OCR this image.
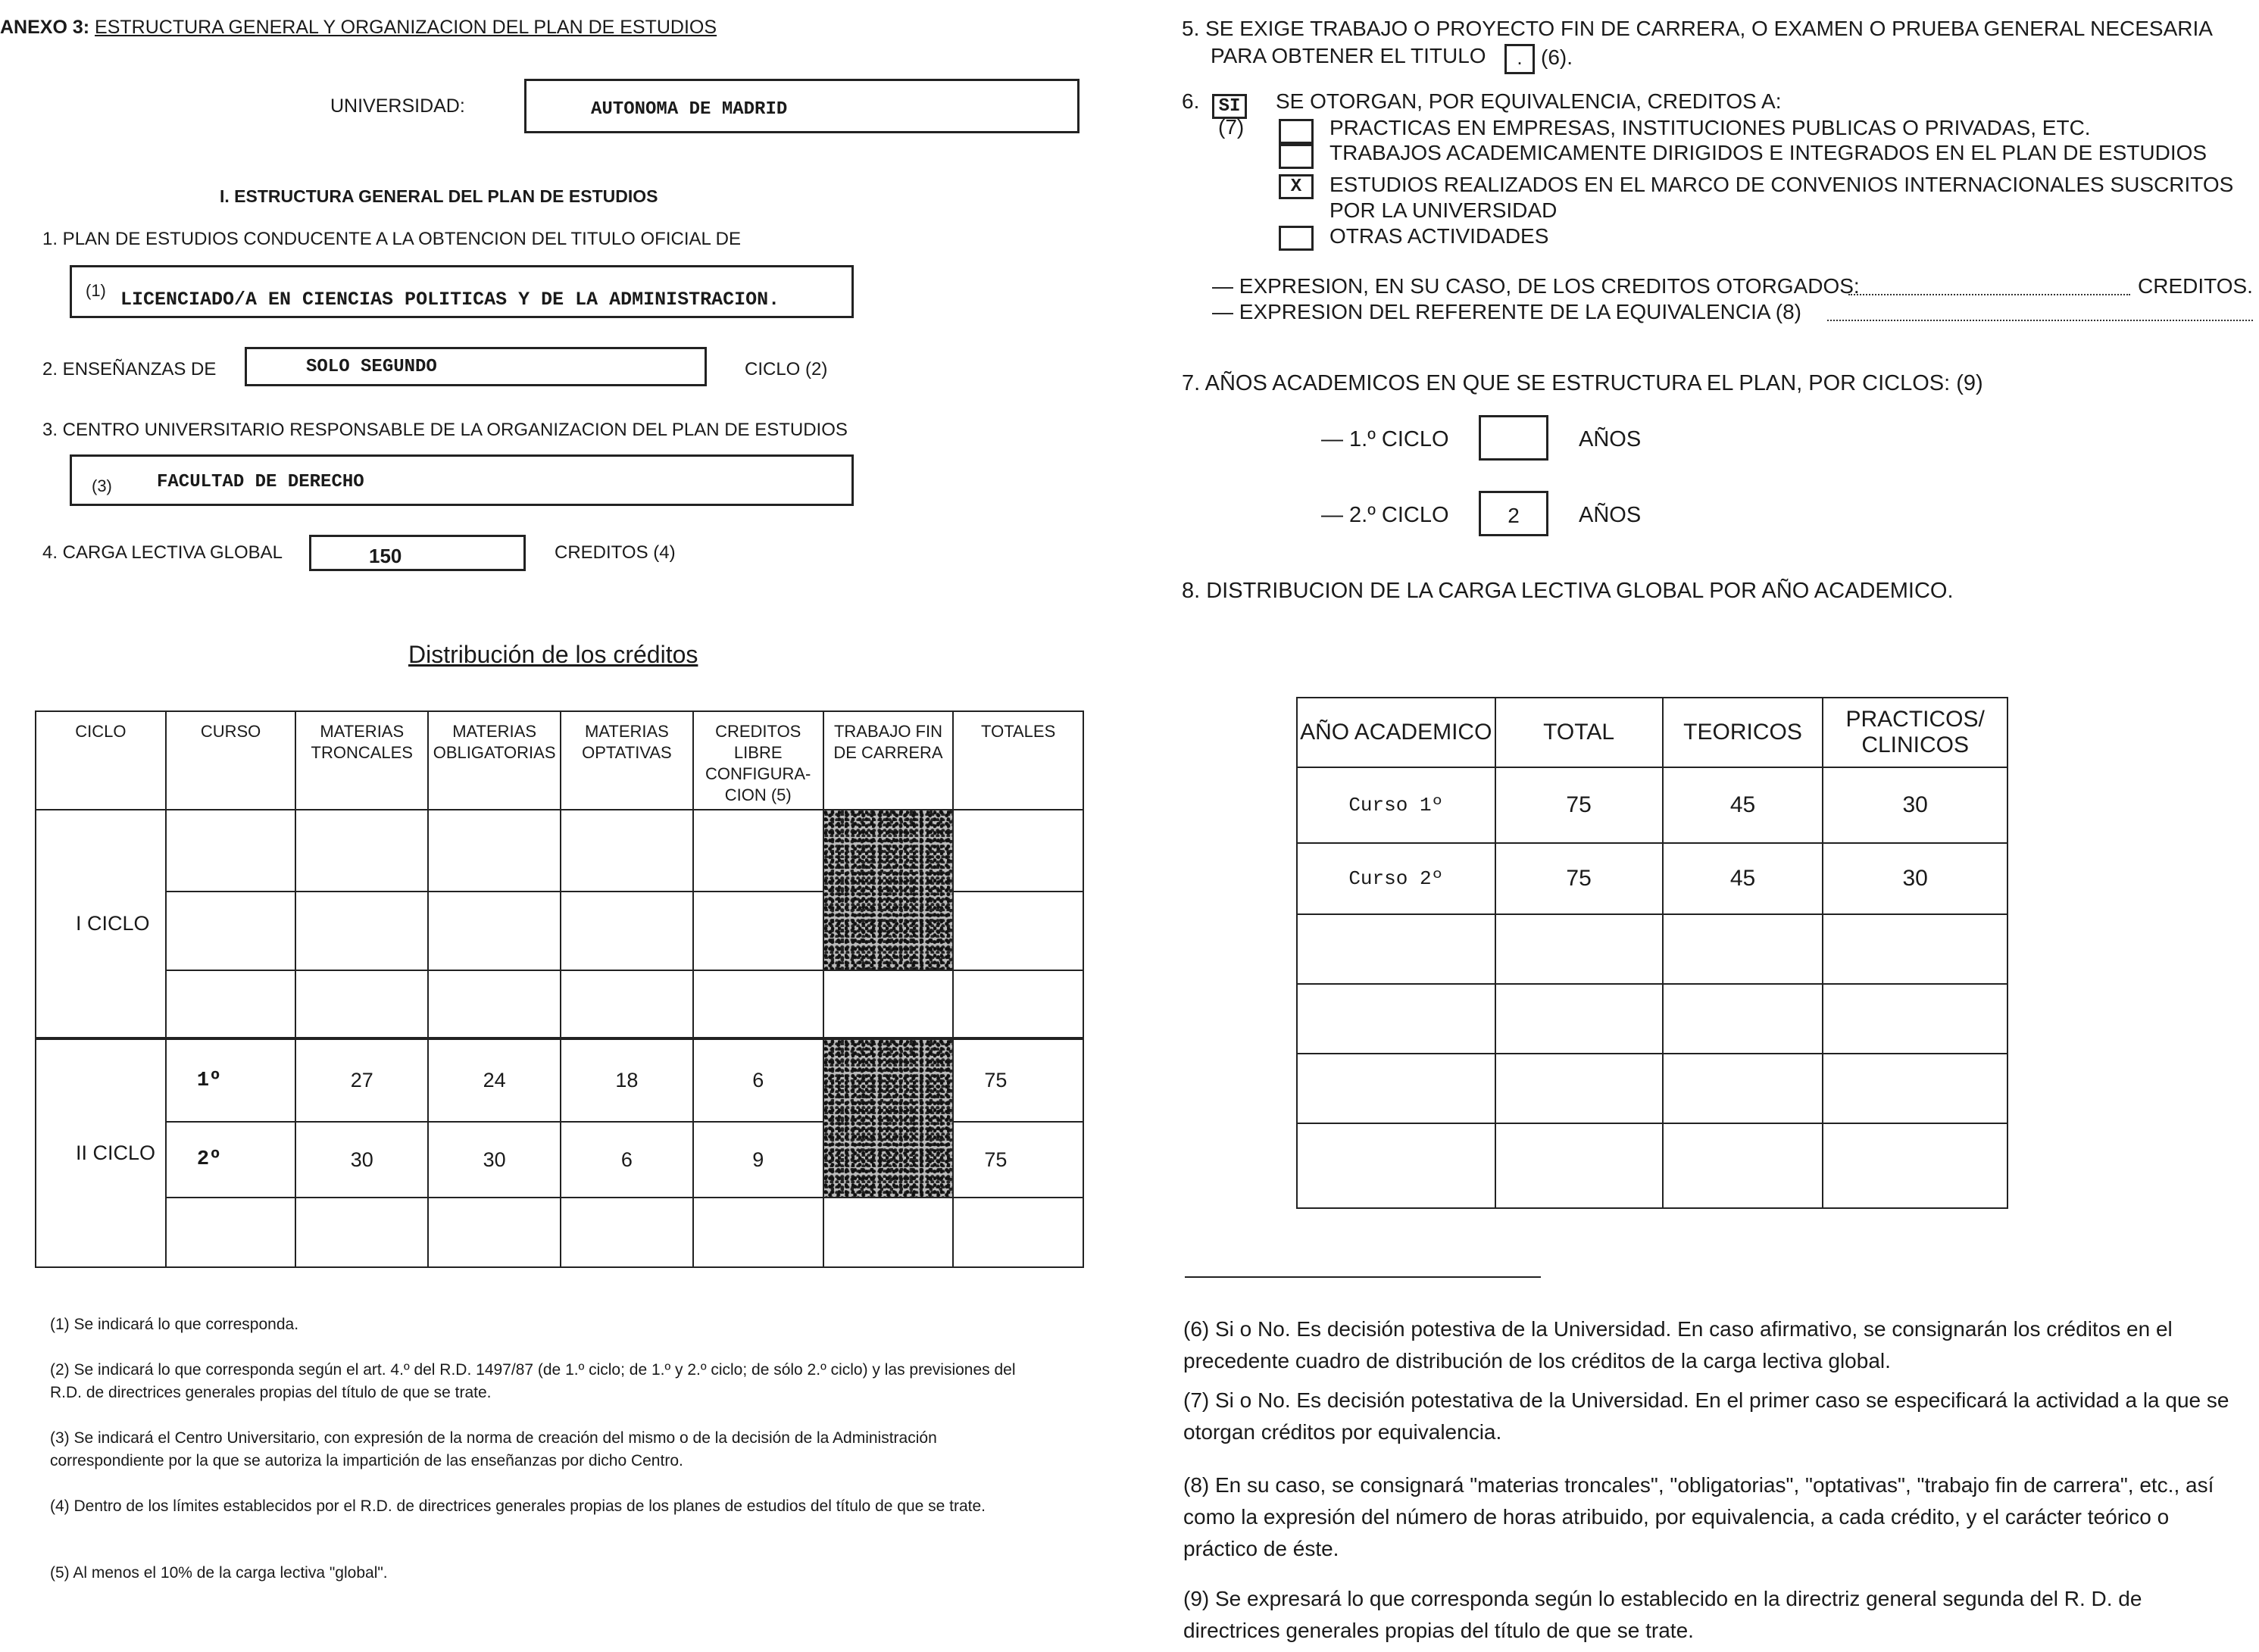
ANEXO 3: ESTRUCTURA GENERAL Y ORGANIZACION DEL PLAN DE ESTUDIOS
UNIVERSIDAD:	AUTONOMA DE MADRID
I. ESTRUCTURA GENERAL DEL PLAN DE ESTUDIOS
1. PLAN DE ESTUDIOS CONDUCENTE A LA OBTENCION DEL TITULO OFICIAL DE
(1) LICENCIADO/A EN CIENCIAS POLITICAS Y DE LA ADMINISTRACION.
2. ENSEÑANZAS DE	SOLO SEGUNDO	CICLO (2)
3. CENTRO UNIVERSITARIO RESPONSABLE DE LA ORGANIZACION DEL PLAN DE ESTUDIOS
(3) FACULTAD DE DERECHO
4. CARGA LECTIVA GLOBAL	150	CREDITOS (4)
Distribución de los créditos
CICLO	CURSO	MATERIAS TRONCALES	MATERIAS OBLIGATORIAS	MATERIAS OPTATIVAS	CREDITOS LIBRE CONFIGURA- CION (5)	TRABAJO FIN DE CARRERA	TOTALES
I CICLO							

II CICLO	1º	27	24	18	6		75
	2º	30	30	6	9		75

(1) Se indicará lo que corresponda.
(2) Se indicará lo que corresponda según el art. 4.º del R.D. 1497/87 (de 1.º ciclo; de 1.º y 2.º ciclo; de sólo 2.º ciclo) y las previsiones del R.D. de directrices generales propias del título de que se trate.
(3) Se indicará el Centro Universitario, con expresión de la norma de creación del mismo o de la decisión de la Administración correspondiente por la que se autoriza la impartición de las enseñanzas por dicho Centro.
(4) Dentro de los límites establecidos por el R.D. de directrices generales propias de los planes de estudios del título de que se trate.
(5) Al menos el 10% de la carga lectiva "global".
5. SE EXIGE TRABAJO O PROYECTO FIN DE CARRERA, O EXAMEN O PRUEBA GENERAL NECESARIA
PARA OBTENER EL TITULO	. (6).
6.	SI
(7)
SE OTORGAN, POR EQUIVALENCIA, CREDITOS A:
PRACTICAS EN EMPRESAS, INSTITUCIONES PUBLICAS O PRIVADAS, ETC.
TRABAJOS ACADEMICAMENTE DIRIGIDOS E INTEGRADOS EN EL PLAN DE ESTUDIOS
X	ESTUDIOS REALIZADOS EN EL MARCO DE CONVENIOS INTERNACIONALES SUSCRITOS
POR LA UNIVERSIDAD
OTRAS ACTIVIDADES
— EXPRESION, EN SU CASO, DE LOS CREDITOS OTORGADOS:	CREDITOS.
— EXPRESION DEL REFERENTE DE LA EQUIVALENCIA (8)
7. AÑOS ACADEMICOS EN QUE SE ESTRUCTURA EL PLAN, POR CICLOS: (9)
— 1.º CICLO	AÑOS
— 2.º CICLO	2	AÑOS
8. DISTRIBUCION DE LA CARGA LECTIVA GLOBAL POR AÑO ACADEMICO.
AÑO ACADEMICO	TOTAL	TEORICOS	PRACTICOS/ CLINICOS
Curso 1º	75	45	30
Curso 2º	75	45	30

(6) Si o No. Es decisión potestiva de la Universidad. En caso afirmativo, se consignarán los créditos en el precedente cuadro de distribución de los créditos de la carga lectiva global.
(7) Si o No. Es decisión potestativa de la Universidad. En el primer caso se especificará la actividad a la que se otorgan créditos por equivalencia.
(8) En su caso, se consignará "materias troncales", "obligatorias", "optativas", "trabajo fin de carrera", etc., así como la expresión del número de horas atribuido, por equivalencia, a cada crédito, y el carácter teórico o práctico de éste.
(9) Se expresará lo que corresponda según lo establecido en la directriz general segunda del R. D. de directrices generales propias del título de que se trate.
